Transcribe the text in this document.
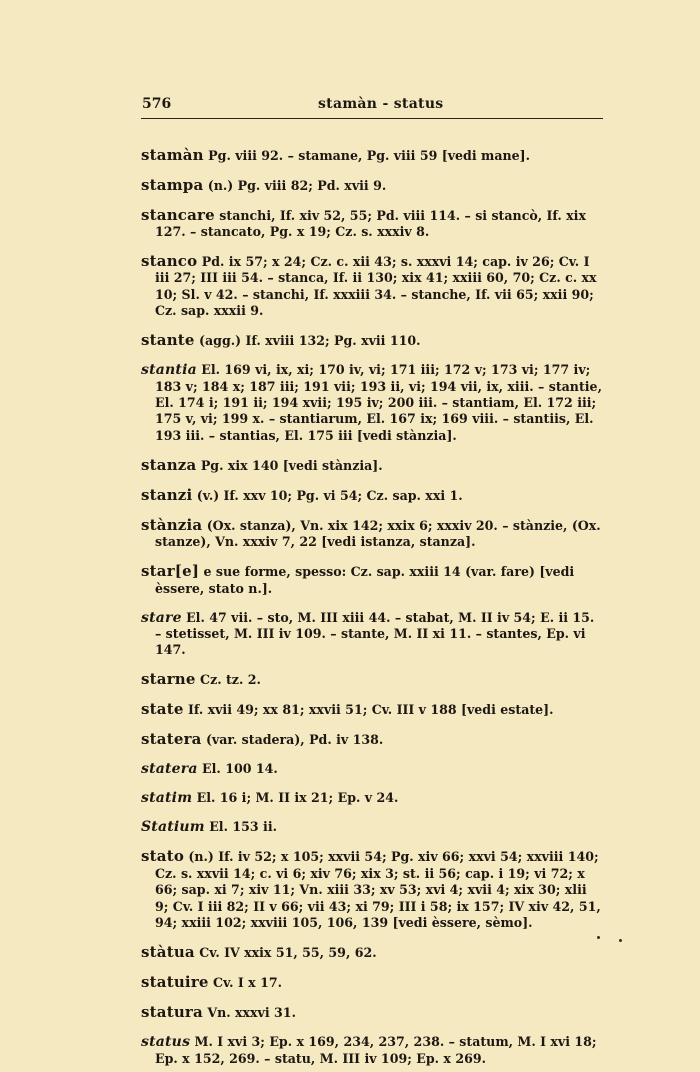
576	stamàn - status

stamàn Pg. viii 92. – stamane, Pg. viii 59 [vedi mane].

stampa (n.) Pg. viii 82; Pd. xvii 9.

stancare stanchi, If. xiv 52, 55; Pd. viii 114. – si stancò, If. xix 127. – stancato, Pg. x 19; Cz. s. xxxiv 8.

stanco Pd. ix 57; x 24; Cz. c. xii 43; s. xxxvi 14; cap. iv 26; Cv. I iii 27; III iii 54. – stanca, If. ii 130; xix 41; xxiii 60, 70; Cz. c. xx 10; Sl. v 42. – stanchi, If. xxxiii 34. – stanche, If. vii 65; xxii 90; Cz. sap. xxxii 9.

stante (agg.) If. xviii 132; Pg. xvii 110.

stantia El. 169 vi, ix, xi; 170 iv, vi; 171 iii; 172 v; 173 vi; 177 iv; 183 v; 184 x; 187 iii; 191 vii; 193 ii, vi; 194 vii, ix, xiii. – stantie, El. 174 i; 191 ii; 194 xvii; 195 iv; 200 iii. – stantiam, El. 172 iii; 175 v, vi; 199 x. – stantiarum, El. 167 ix; 169 viii. – stantiis, El. 193 iii. – stantias, El. 175 iii [vedi stànzia].

stanza Pg. xix 140 [vedi stànzia].

stanzi (v.) If. xxv 10; Pg. vi 54; Cz. sap. xxi 1.

stànzia (Ox. stanza), Vn. xix 142; xxix 6; xxxiv 20. – stànzie, (Ox. stanze), Vn. xxxiv 7, 22 [vedi istanza, stanza].

star[e] e sue forme, spesso: Cz. sap. xxiii 14 (var. fare) [vedi èssere, stato n.].

stare El. 47 vii. – sto, M. III xiii 44. – stabat, M. II iv 54; E. ii 15. – stetisset, M. III iv 109. – stante, M. II xi 11. – stantes, Ep. vi 147.

starne Cz. tz. 2.

state If. xvii 49; xx 81; xxvii 51; Cv. III v 188 [vedi estate].

statera (var. stadera), Pd. iv 138.

statera El. 100 14.

statim El. 16 i; M. II ix 21; Ep. v 24.

Statium El. 153 ii.

stato (n.) If. iv 52; x 105; xxvii 54; Pg. xiv 66; xxvi 54; xxviii 140; Cz. s. xxvii 14; c. vi 6; xiv 76; xix 3; st. ii 56; cap. i 19; vi 72; x 66; sap. xi 7; xiv 11; Vn. xiii 33; xv 53; xvi 4; xvii 4; xix 30; xlii 9; Cv. I iii 82; II v 66; vii 43; xi 79; III i 58; ix 157; IV xiv 42, 51, 94; xxiii 102; xxviii 105, 106, 139 [vedi èssere, sèmo].

stàtua Cv. IV xxix 51, 55, 59, 62.

statuire Cv. I x 17.

statura Vn. xxxvi 31.

status M. I xvi 3; Ep. x 169, 234, 237, 238. – statum, M. I xvi 18; Ep. x 152, 269. – statu, M. III iv 109; Ep. x 269.
